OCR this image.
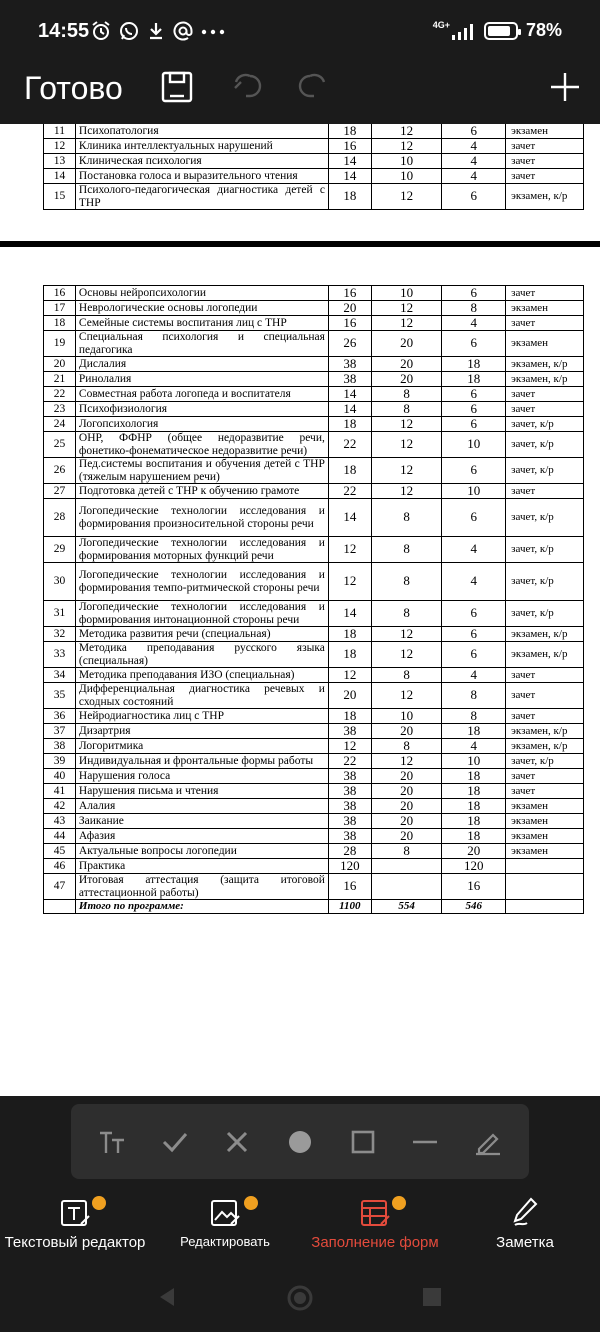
14:55	4G+	78%
Готово
11	Психопатология	18	12	6	экзамен
12	Клиника интеллектуальных нарушений	16	12	4	зачет
13	Клиническая психология	14	10	4	зачет
14	Постановка голоса и выразительного чтения	14	10	4	зачет
15	Психолого-педагогическая диагностика детей с ТНР	18	12	6	экзамен, к/р
16	Основы нейропсихологии	16	10	6	зачет
17	Неврологические основы логопедии	20	12	8	экзамен
18	Семейные системы воспитания лиц с ТНР	16	12	4	зачет
19	Специальная психология и специальная педагогика	26	20	6	экзамен
20	Дислалия	38	20	18	экзамен, к/р
21	Ринолалия	38	20	18	экзамен, к/р
22	Совместная работа логопеда и воспитателя	14	8	6	зачет
23	Психофизиология	14	8	6	зачет
24	Логопсихология	18	12	6	зачет, к/р
25	ОНР, ФФНР (общее недоразвитие речи, фонетико-фонематическое недоразвитие речи)	22	12	10	зачет, к/р
26	Пед.системы воспитания и обучения детей с ТНР (тяжелым нарушением речи)	18	12	6	зачет, к/р
27	Подготовка детей с ТНР к обучению грамоте	22	12	10	зачет
28	Логопедические технологии исследования и формирования произносительной стороны речи	14	8	6	зачет, к/р
29	Логопедические технологии исследования и формирования моторных функций речи	12	8	4	зачет, к/р
30	Логопедические технологии исследования и формирования темпо-ритмической стороны речи	12	8	4	зачет, к/р
31	Логопедические технологии исследования и формирования интонационной стороны речи	14	8	6	зачет, к/р
32	Методика развития речи (специальная)	18	12	6	экзамен, к/р
33	Методика преподавания русского языка (специальная)	18	12	6	экзамен, к/р
34	Методика преподавания ИЗО (специальная)	12	8	4	зачет
35	Дифференциальная диагностика речевых и сходных состояний	20	12	8	зачет
36	Нейродиагностика лиц с ТНР	18	10	8	зачет
37	Дизартрия	38	20	18	экзамен, к/р
38	Логоритмика	12	8	4	экзамен, к/р
39	Индивидуальная и фронтальные формы работы	22	12	10	зачет, к/р
40	Нарушения голоса	38	20	18	зачет
41	Нарушения письма и чтения	38	20	18	зачет
42	Алалия	38	20	18	экзамен
43	Заикание	38	20	18	экзамен
44	Афазия	38	20	18	экзамен
45	Актуальные вопросы логопедии	28	8	20	экзамен
46	Практика	120		120	
47	Итоговая аттестация (защита итоговой аттестационной работы)	16		16	
	Итого по программе:	1100	554	546	
Текстовый редактор	Редактировать	Заполнение форм	Заметка
